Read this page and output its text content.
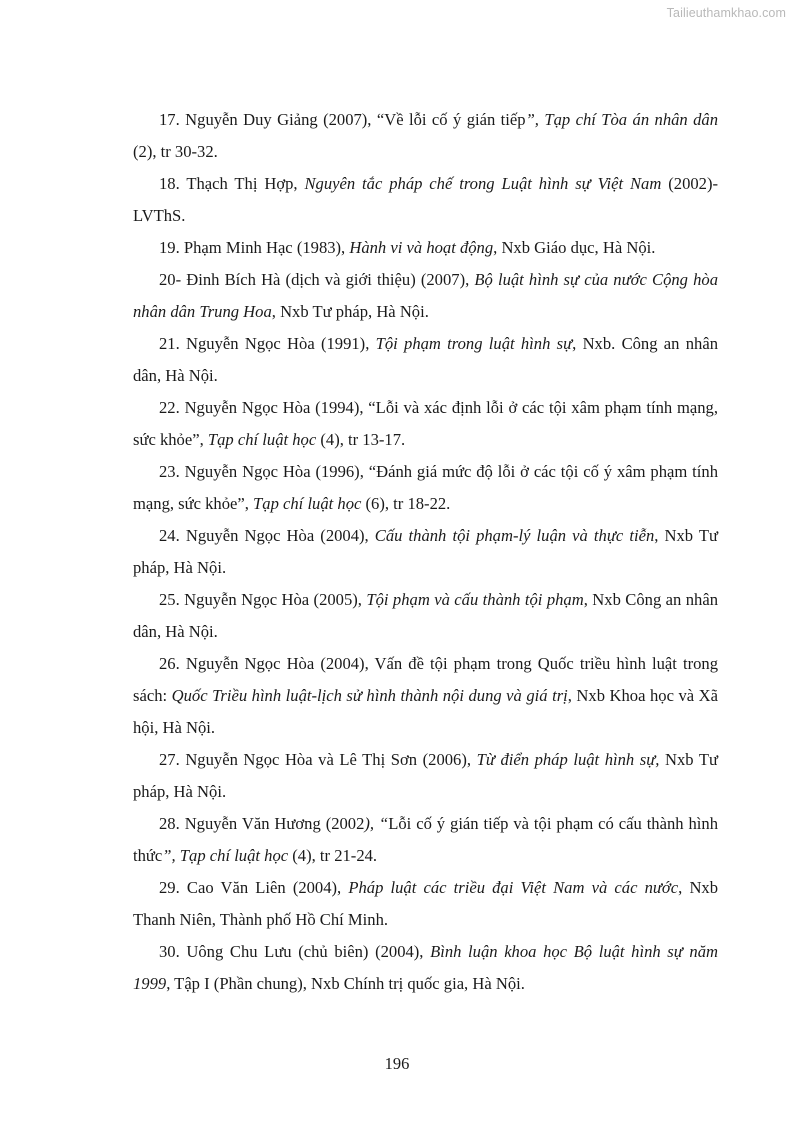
Tailieuthamkhao.com

17. Nguyễn Duy Giảng (2007), “Về lỗi cố ý gián tiếp”, Tạp chí Tòa án nhân dân (2), tr 30-32.

18. Thạch Thị Hợp, Nguyên tắc pháp chế trong Luật hình sự Việt Nam (2002)-LVThS.

19. Phạm Minh Hạc (1983), Hành vi và hoạt động, Nxb Giáo dục, Hà Nội.

20- Đinh Bích Hà (dịch và giới thiệu) (2007), Bộ luật hình sự của nước Cộng hòa nhân dân Trung Hoa, Nxb Tư pháp, Hà Nội.

21. Nguyễn Ngọc Hòa (1991), Tội phạm trong luật hình sự, Nxb. Công an nhân dân, Hà Nội.

22. Nguyễn Ngọc Hòa (1994), “Lỗi và xác định lỗi ở các tội xâm phạm tính mạng, sức khỏe”, Tạp chí luật học (4), tr 13-17.

23. Nguyễn Ngọc Hòa (1996), “Đánh giá mức độ lỗi ở các tội cố ý xâm phạm tính mạng, sức khỏe”, Tạp chí luật học (6), tr 18-22.

24. Nguyễn Ngọc Hòa (2004), Cấu thành tội phạm-lý luận và thực tiễn, Nxb Tư pháp, Hà Nội.

25. Nguyễn Ngọc Hòa (2005), Tội phạm và cấu thành tội phạm, Nxb Công an nhân dân, Hà Nội.

26. Nguyễn Ngọc Hòa (2004), Vấn đề tội phạm trong Quốc triều hình luật trong sách: Quốc Triều hình luật-lịch sử hình thành nội dung và giá trị, Nxb Khoa học và Xã hội, Hà Nội.

27. Nguyễn Ngọc Hòa và Lê Thị Sơn (2006), Từ điển pháp luật hình sự, Nxb Tư pháp, Hà Nội.

28. Nguyễn Văn Hương (2002), “Lỗi cố ý gián tiếp và tội phạm có cấu thành hình thức”, Tạp chí luật học (4), tr 21-24.

29. Cao Văn Liên (2004), Pháp luật các triều đại Việt Nam và các nước, Nxb Thanh Niên, Thành phố Hồ Chí Minh.

30. Uông Chu Lưu (chủ biên) (2004), Bình luận khoa học Bộ luật hình sự năm 1999, Tập I (Phần chung), Nxb Chính trị quốc gia, Hà Nội.

196
